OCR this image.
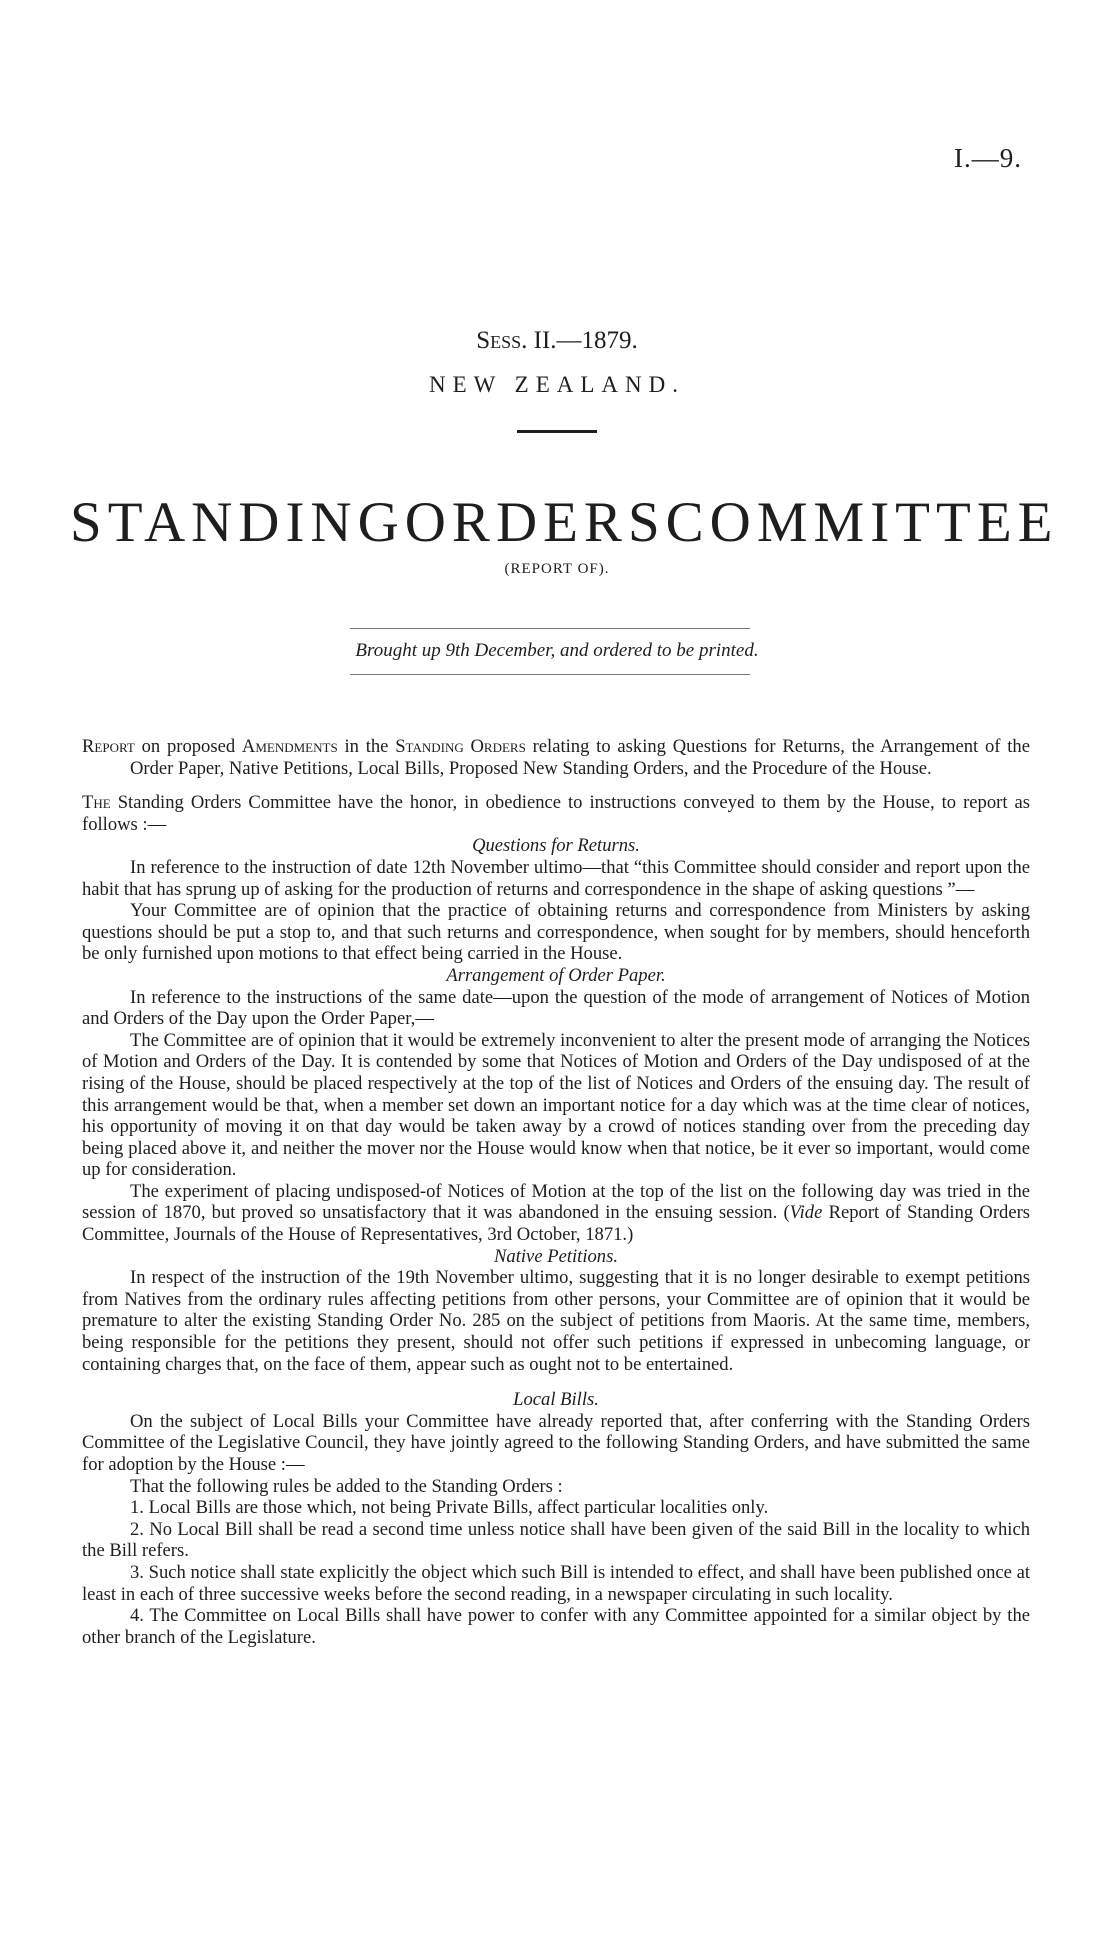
I.—9.
Sess. II.—1879.
NEW ZEALAND.
STANDING ORDERS COMMITTEE
(REPORT OF).
Brought up 9th December, and ordered to be printed.

Report on proposed Amendments in the Standing Orders relating to asking Questions for Returns, the Arrangement of the Order Paper, Native Petitions, Local Bills, Proposed New Standing Orders, and the Procedure of the House.

The Standing Orders Committee have the honor, in obedience to instructions conveyed to them by the House, to report as follows :—

Questions for Returns.

In reference to the instruction of date 12th November ultimo—that “this Committee should consider and report upon the habit that has sprung up of asking for the production of returns and correspondence in the shape of asking questions ”—

Your Committee are of opinion that the practice of obtaining returns and correspondence from Ministers by asking questions should be put a stop to, and that such returns and correspondence, when sought for by members, should henceforth be only furnished upon motions to that effect being carried in the House.

Arrangement of Order Paper.

In reference to the instructions of the same date—upon the question of the mode of arrangement of Notices of Motion and Orders of the Day upon the Order Paper,—

The Committee are of opinion that it would be extremely inconvenient to alter the present mode of arranging the Notices of Motion and Orders of the Day. It is contended by some that Notices of Motion and Orders of the Day undisposed of at the rising of the House, should be placed respectively at the top of the list of Notices and Orders of the ensuing day. The result of this arrangement would be that, when a member set down an important notice for a day which was at the time clear of notices, his opportunity of moving it on that day would be taken away by a crowd of notices standing over from the preceding day being placed above it, and neither the mover nor the House would know when that notice, be it ever so important, would come up for consideration.

The experiment of placing undisposed-of Notices of Motion at the top of the list on the following day was tried in the session of 1870, but proved so unsatisfactory that it was abandoned in the ensuing session. (Vide Report of Standing Orders Committee, Journals of the House of Representatives, 3rd October, 1871.)

Native Petitions.

In respect of the instruction of the 19th November ultimo, suggesting that it is no longer desirable to exempt petitions from Natives from the ordinary rules affecting petitions from other persons, your Committee are of opinion that it would be premature to alter the existing Standing Order No. 285 on the subject of petitions from Maoris. At the same time, members, being responsible for the petitions they present, should not offer such petitions if expressed in unbecoming language, or containing charges that, on the face of them, appear such as ought not to be entertained.

Local Bills.

On the subject of Local Bills your Committee have already reported that, after conferring with the Standing Orders Committee of the Legislative Council, they have jointly agreed to the following Standing Orders, and have submitted the same for adoption by the House :—

That the following rules be added to the Standing Orders :

1. Local Bills are those which, not being Private Bills, affect particular localities only.

2. No Local Bill shall be read a second time unless notice shall have been given of the said Bill in the locality to which the Bill refers.

3. Such notice shall state explicitly the object which such Bill is intended to effect, and shall have been published once at least in each of three successive weeks before the second reading, in a newspaper circulating in such locality.

4. The Committee on Local Bills shall have power to confer with any Committee appointed for a similar object by the other branch of the Legislature.
